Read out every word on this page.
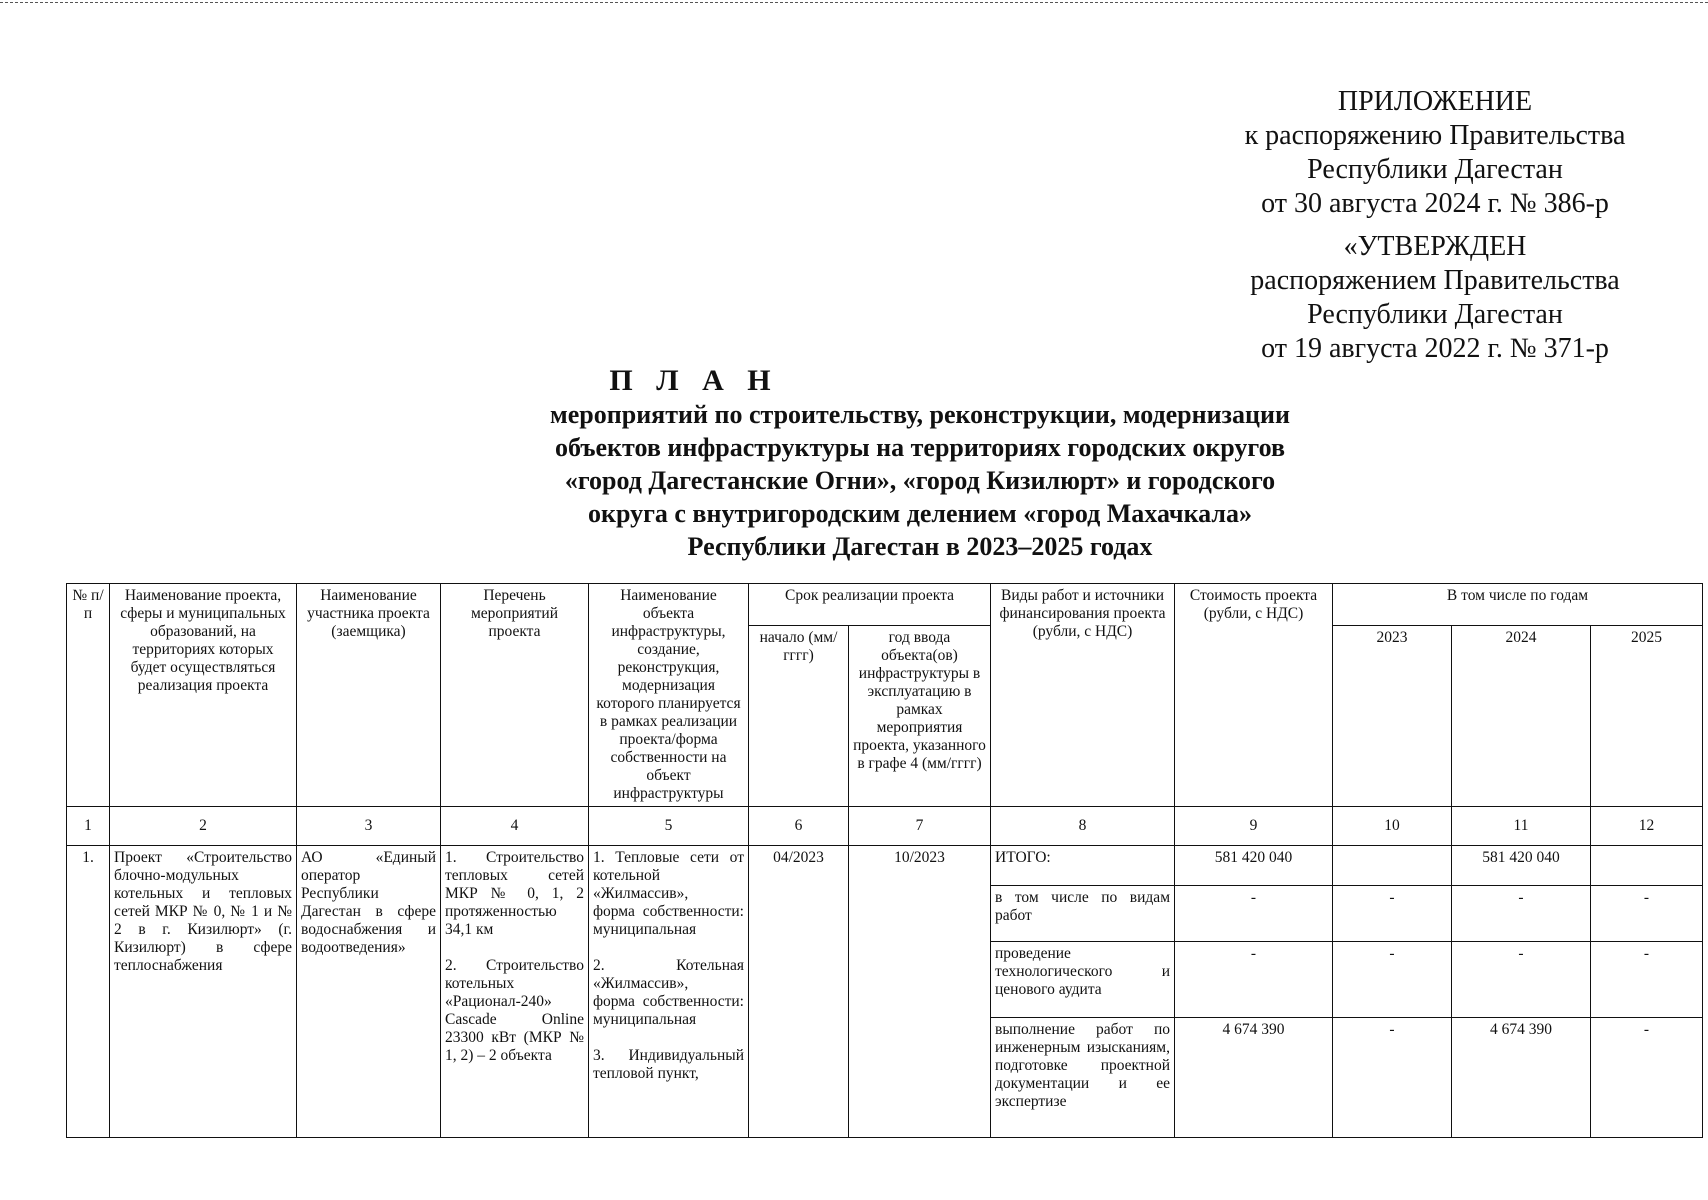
ПРИЛОЖЕНИЕ
к распоряжению Правительства
Республики Дагестан
от 30 августа 2024 г. № 386-р
«УТВЕРЖДЕН
распоряжением Правительства
Республики Дагестан
от 19 августа 2022 г. № 371-р
П Л А Н
мероприятий по строительству, реконструкции, модернизации
объектов инфраструктуры на территориях городских округов
«город Дагестанские Огни», «город Кизилюрт» и городского
округа с внутригородским делением «город Махачкала»
Республики Дагестан в 2023–2025 годах
№ п/п	Наименование проекта, сферы и муниципальных образований, на территориях которых будет осуществляться реализация проекта	Наименование участника проекта (заемщика)	Перечень мероприятий проекта	Наименование объекта инфраструктуры, создание, реконструкция, модернизация которого планируется в рамках реализации проекта/форма собственности на объект инфраструктуры	Срок реализации проекта		Виды работ и источники финансирования проекта (рубли, с НДС)	Стоимость проекта (рубли, с НДС)	В том числе по годам		
					начало (мм/гггг)	год ввода объекта(ов) инфраструктуры в эксплуатацию в рамках мероприятия проекта, указанного в графе 4 (мм/гггг)			2023	2024	2025
1	2	3	4	5	6	7	8	9	10	11	12
1.	Проект «Строительство блочно-модульных котельных и тепловых сетей МКР № 0, № 1 и № 2 в г. Кизилюрт» (г. Кизилюрт) в сфере теплоснабжения	АО «Единый оператор Республики Дагестан в сфере водоснабжения и водоотведения»	1. Строительство тепловых сетей МКР № 0, 1, 2 протяженностью 34,1 км

2. Строительство котельных «Рационал-240» Cascade Online 23300 кВт (МКР № 1, 2) – 2 объекта	1. Тепловые сети от котельной «Жилмассив»,
форма собственности: муниципальная

2. Котельная «Жилмассив»,
форма собственности: муниципальная

3. Индивидуальный тепловой пункт,	04/2023	10/2023	ИТОГО:	581 420 040		581 420 040	
							в том числе по видам работ	-	-	-	-
							проведение технологического и ценового аудита	-	-	-	-
							выполнение работ по инженерным изысканиям, подготовке проектной документации и ее экспертизе	4 674 390	-	4 674 390	-
